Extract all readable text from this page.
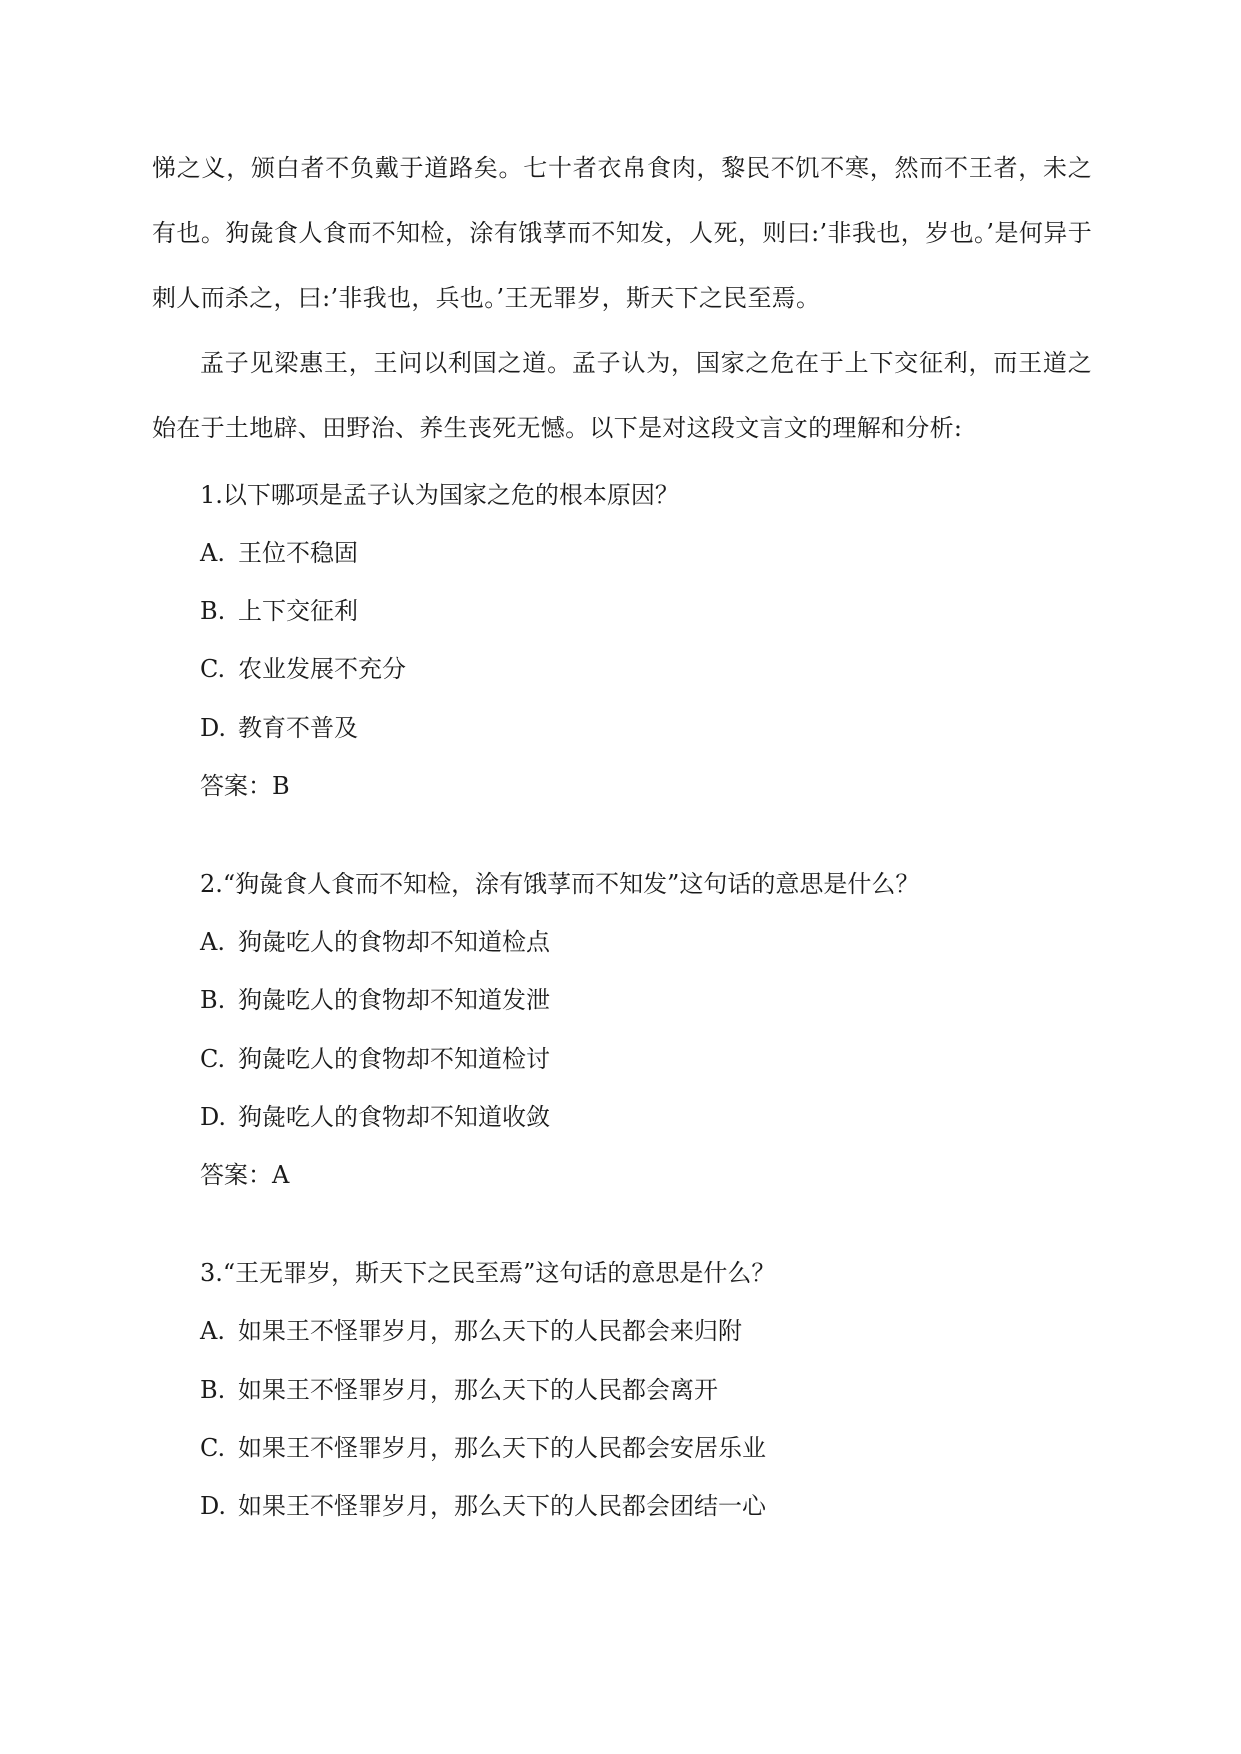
悌之义，颁白者不负戴于道路矣。七十者衣帛食肉，黎民不饥不寒，然而不王者，未之有也。狗彘食人食而不知检，涂有饿莩而不知发，人死，则曰:’非我也，岁也。’是何异于刺人而杀之，曰:’非我也，兵也。’王无罪岁，斯天下之民至焉。

孟子见梁惠王，王问以利国之道。孟子认为，国家之危在于上下交征利，而王道之始在于土地辟、田野治、养生丧死无憾。以下是对这段文言文的理解和分析:

1.以下哪项是孟子认为国家之危的根本原因？

A. 王位不稳固

B. 上下交征利

C. 农业发展不充分

D. 教育不普及

答案：B

2.“狗彘食人食而不知检，涂有饿莩而不知发”这句话的意思是什么？

A. 狗彘吃人的食物却不知道检点

B. 狗彘吃人的食物却不知道发泄

C. 狗彘吃人的食物却不知道检讨

D. 狗彘吃人的食物却不知道收敛

答案：A

3.“王无罪岁，斯天下之民至焉”这句话的意思是什么？

A. 如果王不怪罪岁月，那么天下的人民都会来归附

B. 如果王不怪罪岁月，那么天下的人民都会离开

C. 如果王不怪罪岁月，那么天下的人民都会安居乐业

D. 如果王不怪罪岁月，那么天下的人民都会团结一心
